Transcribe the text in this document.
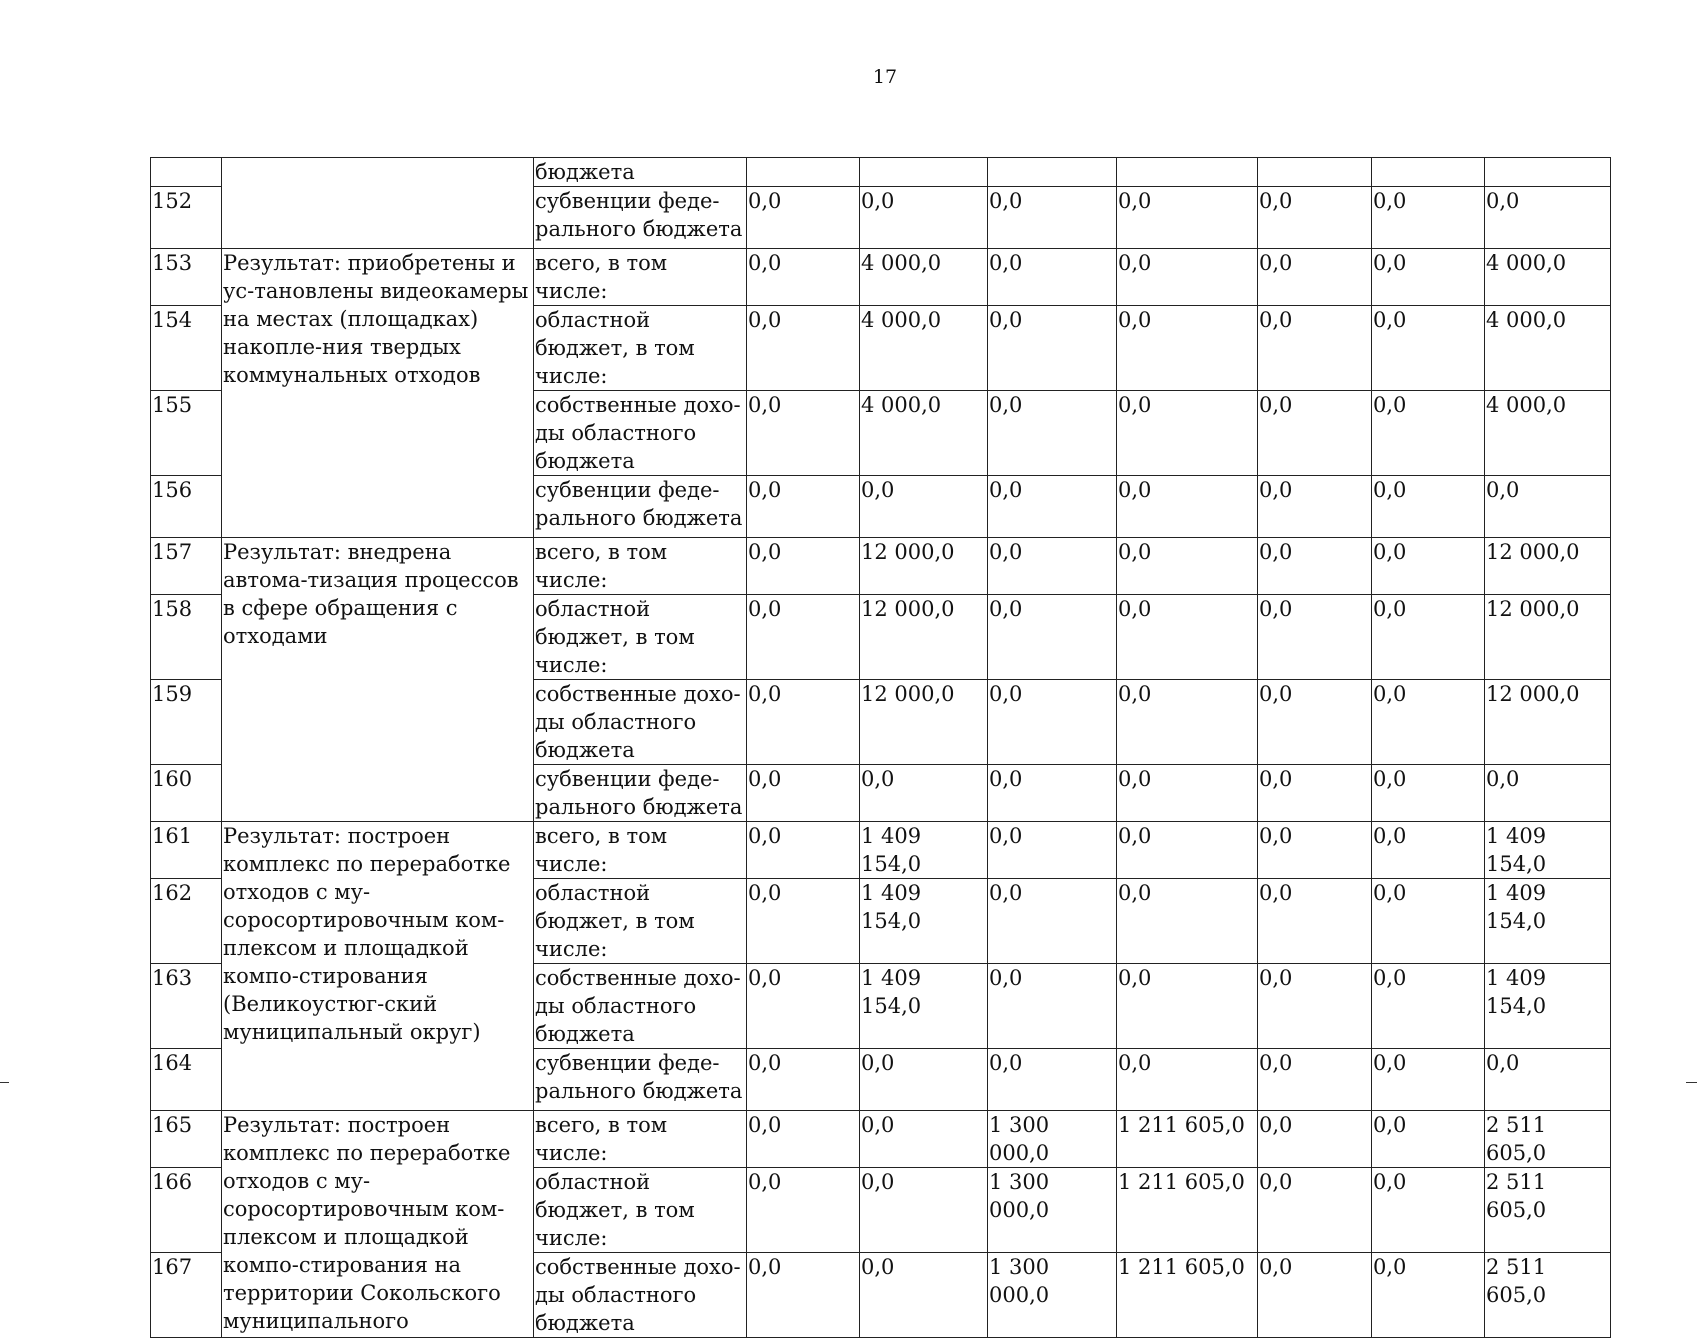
17
		бюджета							
152		субвенции феде-рального бюджета	0,0	0,0	0,0	0,0	0,0	0,0	0,0
153	Результат: приобретены и ус-тановлены видеокамеры на местах (площадках) накопле-ния твердых коммунальных отходов	всего, в том числе:	0,0	4 000,0	0,0	0,0	0,0	0,0	4 000,0
154		областной бюджет, в том числе:	0,0	4 000,0	0,0	0,0	0,0	0,0	4 000,0
155		собственные дохо-ды областного бюджета	0,0	4 000,0	0,0	0,0	0,0	0,0	4 000,0
156		субвенции феде-рального бюджета	0,0	0,0	0,0	0,0	0,0	0,0	0,0
157	Результат: внедрена автома-тизация процессов в сфере обращения с отходами	всего, в том числе:	0,0	12 000,0	0,0	0,0	0,0	0,0	12 000,0
158		областной бюджет, в том числе:	0,0	12 000,0	0,0	0,0	0,0	0,0	12 000,0
159		собственные дохо-ды областного бюджета	0,0	12 000,0	0,0	0,0	0,0	0,0	12 000,0
160		субвенции феде-рального бюджета	0,0	0,0	0,0	0,0	0,0	0,0	0,0
161	Результат: построен комплекс по переработке отходов с му-соросортировочным ком-плексом и площадкой компо-стирования (Великоустюг-ский муниципальный округ)	всего, в том числе:	0,0	1 409 154,0	0,0	0,0	0,0	0,0	1 409 154,0
162		областной бюджет, в том числе:	0,0	1 409 154,0	0,0	0,0	0,0	0,0	1 409 154,0
163		собственные дохо-ды областного бюджета	0,0	1 409 154,0	0,0	0,0	0,0	0,0	1 409 154,0
164		субвенции феде-рального бюджета	0,0	0,0	0,0	0,0	0,0	0,0	0,0
165	Результат: построен комплекс по переработке отходов с му-соросортировочным ком-плексом и площадкой компо-стирования на территории Сокольского муниципального	всего, в том числе:	0,0	0,0	1 300 000,0	1 211 605,0	0,0	0,0	2 511 605,0
166		областной бюджет, в том числе:	0,0	0,0	1 300 000,0	1 211 605,0	0,0	0,0	2 511 605,0
167		собственные дохо-ды областного бюджета	0,0	0,0	1 300 000,0	1 211 605,0	0,0	0,0	2 511 605,0
